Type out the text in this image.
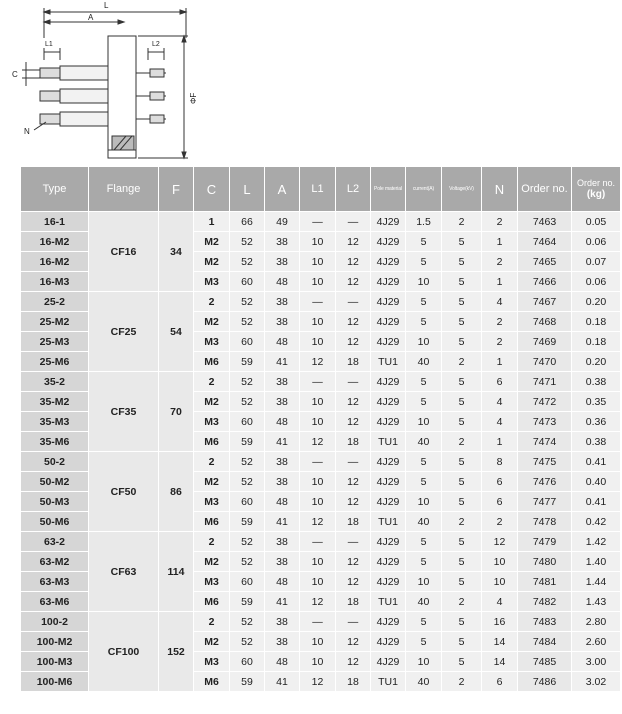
L
A
L1	L2
C
ΦF
N
Type	Flange	F	C	L	A	L1	L2	Pole material	current(A)	Voltage(kV)	N	Order no.	Order no.
(kg)

16-1	CF16	34	1	66	49	—	—	4J29	1.5	2	2	7463	0.05
16-M2			M2	52	38	10	12	4J29	5	5	1	7464	0.06
16-M2			M2	52	38	10	12	4J29	5	5	2	7465	0.07
16-M3			M3	60	48	10	12	4J29	10	5	1	7466	0.06
25-2	CF25	54	2	52	38	—	—	4J29	5	5	4	7467	0.20
25-M2			M2	52	38	10	12	4J29	5	5	2	7468	0.18
25-M3			M3	60	48	10	12	4J29	10	5	2	7469	0.18
25-M6			M6	59	41	12	18	TU1	40	2	1	7470	0.20
35-2	CF35	70	2	52	38	—	—	4J29	5	5	6	7471	0.38
35-M2			M2	52	38	10	12	4J29	5	5	4	7472	0.35
35-M3			M3	60	48	10	12	4J29	10	5	4	7473	0.36
35-M6			M6	59	41	12	18	TU1	40	2	1	7474	0.38
50-2	CF50	86	2	52	38	—	—	4J29	5	5	8	7475	0.41
50-M2			M2	52	38	10	12	4J29	5	5	6	7476	0.40
50-M3			M3	60	48	10	12	4J29	10	5	6	7477	0.41
50-M6			M6	59	41	12	18	TU1	40	2	2	7478	0.42
63-2	CF63	114	2	52	38	—	—	4J29	5	5	12	7479	1.42
63-M2			M2	52	38	10	12	4J29	5	5	10	7480	1.40
63-M3			M3	60	48	10	12	4J29	10	5	10	7481	1.44
63-M6			M6	59	41	12	18	TU1	40	2	4	7482	1.43
100-2	CF100	152	2	52	38	—	—	4J29	5	5	16	7483	2.80
100-M2			M2	52	38	10	12	4J29	5	5	14	7484	2.60
100-M3			M3	60	48	10	12	4J29	10	5	14	7485	3.00
100-M6			M6	59	41	12	18	TU1	40	2	6	7486	3.02
